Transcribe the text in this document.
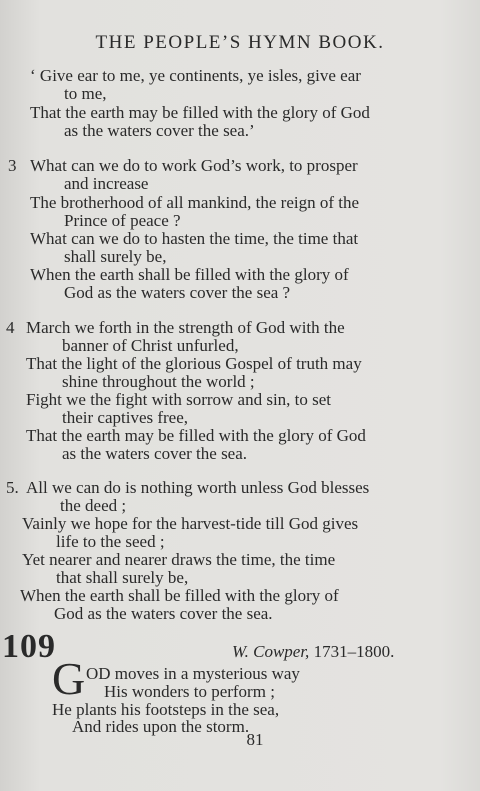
THE PEOPLE’S HYMN BOOK.
‘ Give ear to me, ye continents, ye isles, give ear
to me,
That the earth may be filled with the glory of God
as the waters cover the sea.’
3 What can we do to work God’s work, to prosper
and increase
The brotherhood of all mankind, the reign of the
Prince of peace ?
What can we do to hasten the time, the time that
shall surely be,
When the earth shall be filled with the glory of
God as the waters cover the sea ?
4 March we forth in the strength of God with the
banner of Christ unfurled,
That the light of the glorious Gospel of truth may
shine throughout the world ;
Fight we the fight with sorrow and sin, to set
their captives free,
That the earth may be filled with the glory of God
as the waters cover the sea.
5. All we can do is nothing worth unless God blesses
the deed ;
Vainly we hope for the harvest-tide till God gives
life to the seed ;
Yet nearer and nearer draws the time, the time
that shall surely be,
When the earth shall be filled with the glory of
God as the waters cover the sea.
109	W. Cowper, 1731–1800.
G OD moves in a mysterious way
His wonders to perform ;
He plants his footsteps in the sea,
And rides upon the storm.
81
